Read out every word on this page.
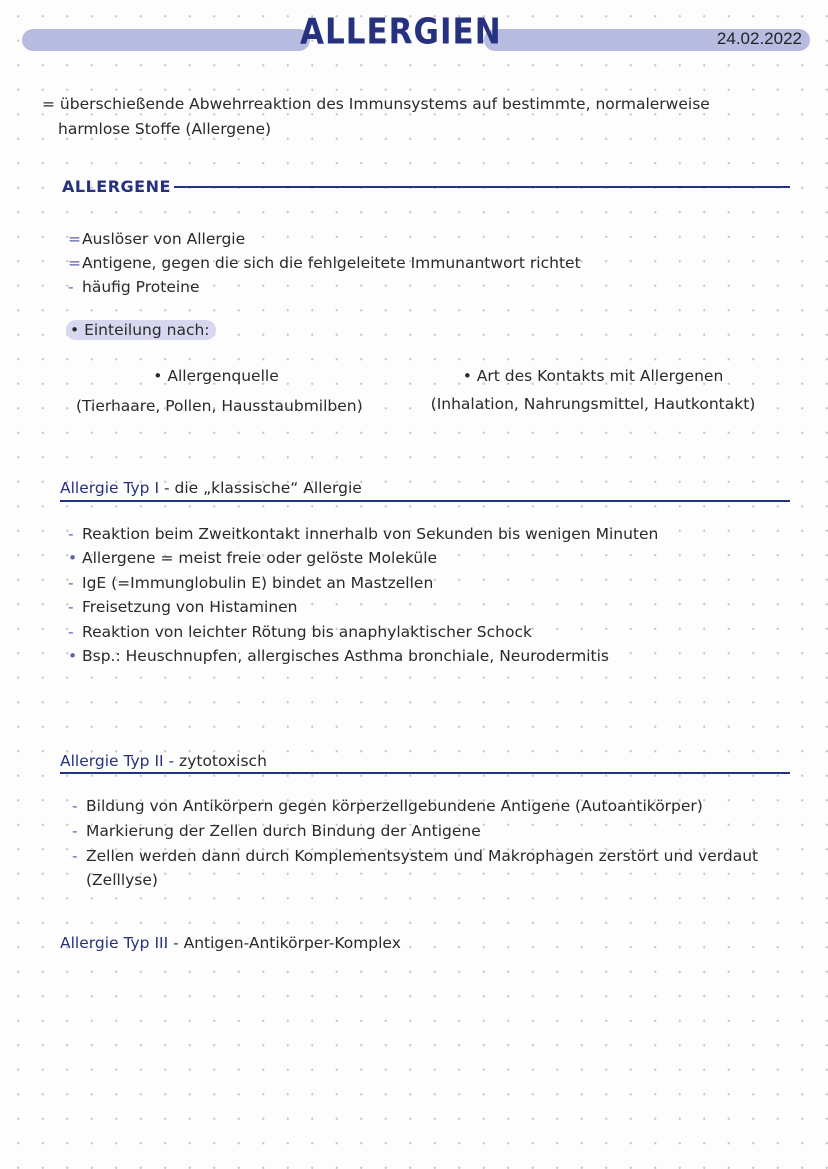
ALLERGIEN	24.02.2022
= überschießende Abwehrreaktion des Immunsystems auf bestimmte, normalerweise
harmlose Stoffe (Allergene)
ALLERGENE
=Auslöser von Allergie
=Antigene, gegen die sich die fehlgeleitete Immunantwort richtet
- häufig Proteine
• Einteilung nach:
• Allergenquelle
(Tierhaare, Pollen, Hausstaubmilben)
• Art des Kontakts mit Allergenen
(Inhalation, Nahrungsmittel, Hautkontakt)
Allergie Typ I - die „klassische“ Allergie
- Reaktion beim Zweitkontakt innerhalb von Sekunden bis wenigen Minuten
• Allergene = meist freie oder gelöste Moleküle
- IgE (=Immunglobulin E) bindet an Mastzellen
- Freisetzung von Histaminen
- Reaktion von leichter Rötung bis anaphylaktischer Schock
• Bsp.: Heuschnupfen, allergisches Asthma bronchiale, Neurodermitis
Allergie Typ II - zytotoxisch
- Bildung von Antikörpern gegen körperzellgebundene Antigene (Autoantikörper)
- Markierung der Zellen durch Bindung der Antigene
- Zellen werden dann durch Komplementsystem und Makrophagen zerstört und verdaut
(Zelllyse)
Allergie Typ III - Antigen-Antikörper-Komplex
